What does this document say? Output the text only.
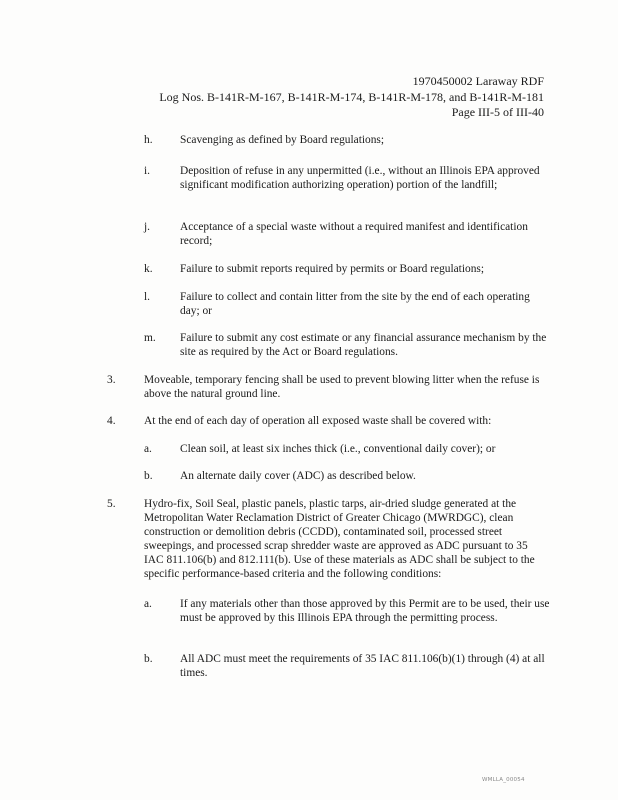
1970450002 Laraway RDF
Log Nos. B-141R-M-167, B-141R-M-174, B-141R-M-178, and B-141R-M-181
Page III-5 of III-40
h. Scavenging as defined by Board regulations;
i.	Deposition of refuse in any unpermitted (i.e., without an Illinois EPA approved significant modification authorizing operation) portion of the landfill;
j.	Acceptance of a special waste without a required manifest and identification record;
k. Failure to submit reports required by permits or Board regulations;
l.	Failure to collect and contain litter from the site by the end of each operating day; or
m. Failure to submit any cost estimate or any financial assurance mechanism by the site as required by the Act or Board regulations.
3. Moveable, temporary fencing shall be used to prevent blowing litter when the refuse is above the natural ground line.
4. At the end of each day of operation all exposed waste shall be covered with:
a. Clean soil, at least six inches thick (i.e., conventional daily cover); or
b. An alternate daily cover (ADC) as described below.
5. Hydro-fix, Soil Seal, plastic panels, plastic tarps, air-dried sludge generated at the Metropolitan Water Reclamation District of Greater Chicago (MWRDGC), clean construction or demolition debris (CCDD), contaminated soil, processed street sweepings, and processed scrap shredder waste are approved as ADC pursuant to 35 IAC 811.106(b) and 812.111(b). Use of these materials as ADC shall be subject to the specific performance-based criteria and the following conditions:
a. If any materials other than those approved by this Permit are to be used, their use must be approved by this Illinois EPA through the permitting process.
b. All ADC must meet the requirements of 35 IAC 811.106(b)(1) through (4) at all times.
WMLLA_00054
